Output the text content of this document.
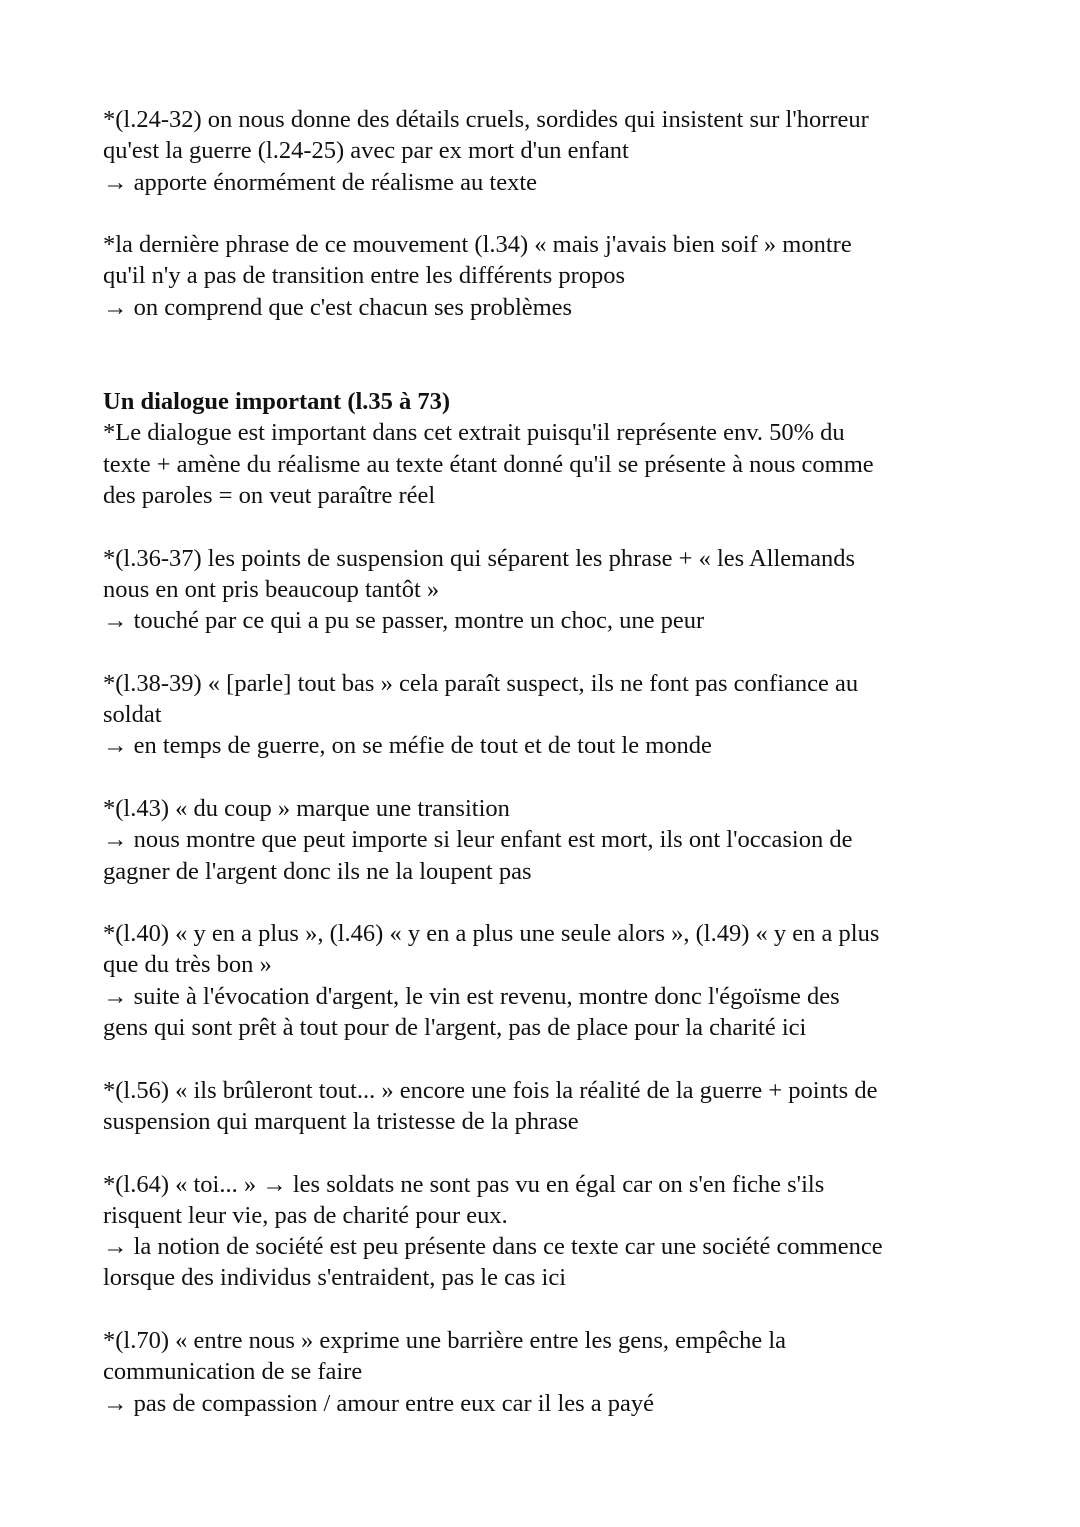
*(l.24-32) on nous donne des détails cruels, sordides qui insistent sur l'horreur
qu'est la guerre (l.24-25) avec par ex mort d'un enfant
→ apporte énormément de réalisme au texte
*la dernière phrase de ce mouvement (l.34) « mais j'avais bien soif » montre
qu'il n'y a pas de transition entre les différents propos
→ on comprend que c'est chacun ses problèmes
Un dialogue important (l.35 à 73)
*Le dialogue est important dans cet extrait puisqu'il représente env. 50% du
texte + amène du réalisme au texte étant donné qu'il se présente à nous comme
des paroles = on veut paraître réel
*(l.36-37) les points de suspension qui séparent les phrase + « les Allemands
nous en ont pris beaucoup tantôt »
→ touché par ce qui a pu se passer, montre un choc, une peur
*(l.38-39) « [parle] tout bas » cela paraît suspect, ils ne font pas confiance au
soldat
→ en temps de guerre, on se méfie de tout et de tout le monde
*(l.43) « du coup » marque une transition
→ nous montre que peut importe si leur enfant est mort, ils ont l'occasion de
gagner de l'argent donc ils ne la loupent pas
*(l.40) « y en a plus », (l.46) « y en a plus une seule alors », (l.49) « y en a plus
que du très bon »
→ suite à l'évocation d'argent, le vin est revenu, montre donc l'égoïsme des
gens qui sont prêt à tout pour de l'argent, pas de place pour la charité ici
*(l.56) « ils brûleront tout... » encore une fois la réalité de la guerre + points de
suspension qui marquent la tristesse de la phrase
*(l.64) « toi... » → les soldats ne sont pas vu en égal car on s'en fiche s'ils
risquent leur vie, pas de charité pour eux.
→ la notion de société est peu présente dans ce texte car une société commence
lorsque des individus s'entraident, pas le cas ici
*(l.70) « entre nous » exprime une barrière entre les gens, empêche la
communication de se faire
→ pas de compassion / amour entre eux car il les a payé
